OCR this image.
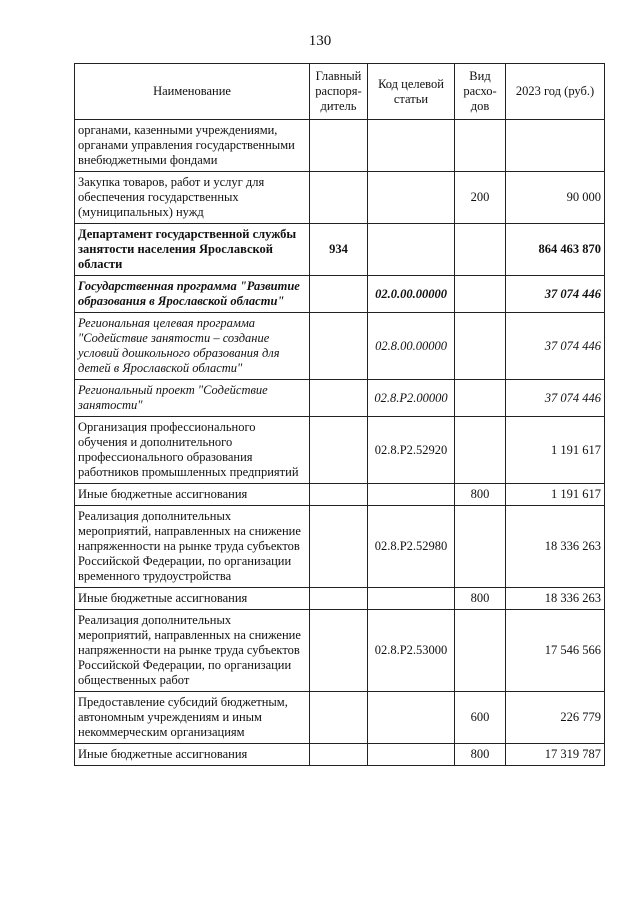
130
Наименование	Главный распоря-дитель	Код целевой статьи	Вид расхо-дов	2023 год (руб.)
органами, казенными учреждениями, органами управления государственными внебюджетными фондами				
Закупка товаров, работ и услуг для обеспечения государственных (муниципальных) нужд			200	90 000
Департамент государственной службы занятости населения Ярославской области	934			864 463 870
Государственная программа "Развитие образования в Ярославской области"		02.0.00.00000		37 074 446
Региональная целевая программа "Содействие занятости – создание условий дошкольного образования для детей в Ярославской области"		02.8.00.00000		37 074 446
Региональный проект "Содействие занятости"		02.8.P2.00000		37 074 446
Организация профессионального обучения и дополнительного профессионального образования работников промышленных предприятий		02.8.P2.52920		1 191 617
Иные бюджетные ассигнования			800	1 191 617
Реализация дополнительных мероприятий, направленных на снижение напряженности на рынке труда субъектов Российской Федерации, по организации временного трудоустройства		02.8.P2.52980		18 336 263
Иные бюджетные ассигнования			800	18 336 263
Реализация дополнительных мероприятий, направленных на снижение напряженности на рынке труда субъектов Российской Федерации, по организации общественных работ		02.8.P2.53000		17 546 566
Предоставление субсидий бюджетным, автономным учреждениям и иным некоммерческим организациям			600	226 779
Иные бюджетные ассигнования			800	17 319 787
